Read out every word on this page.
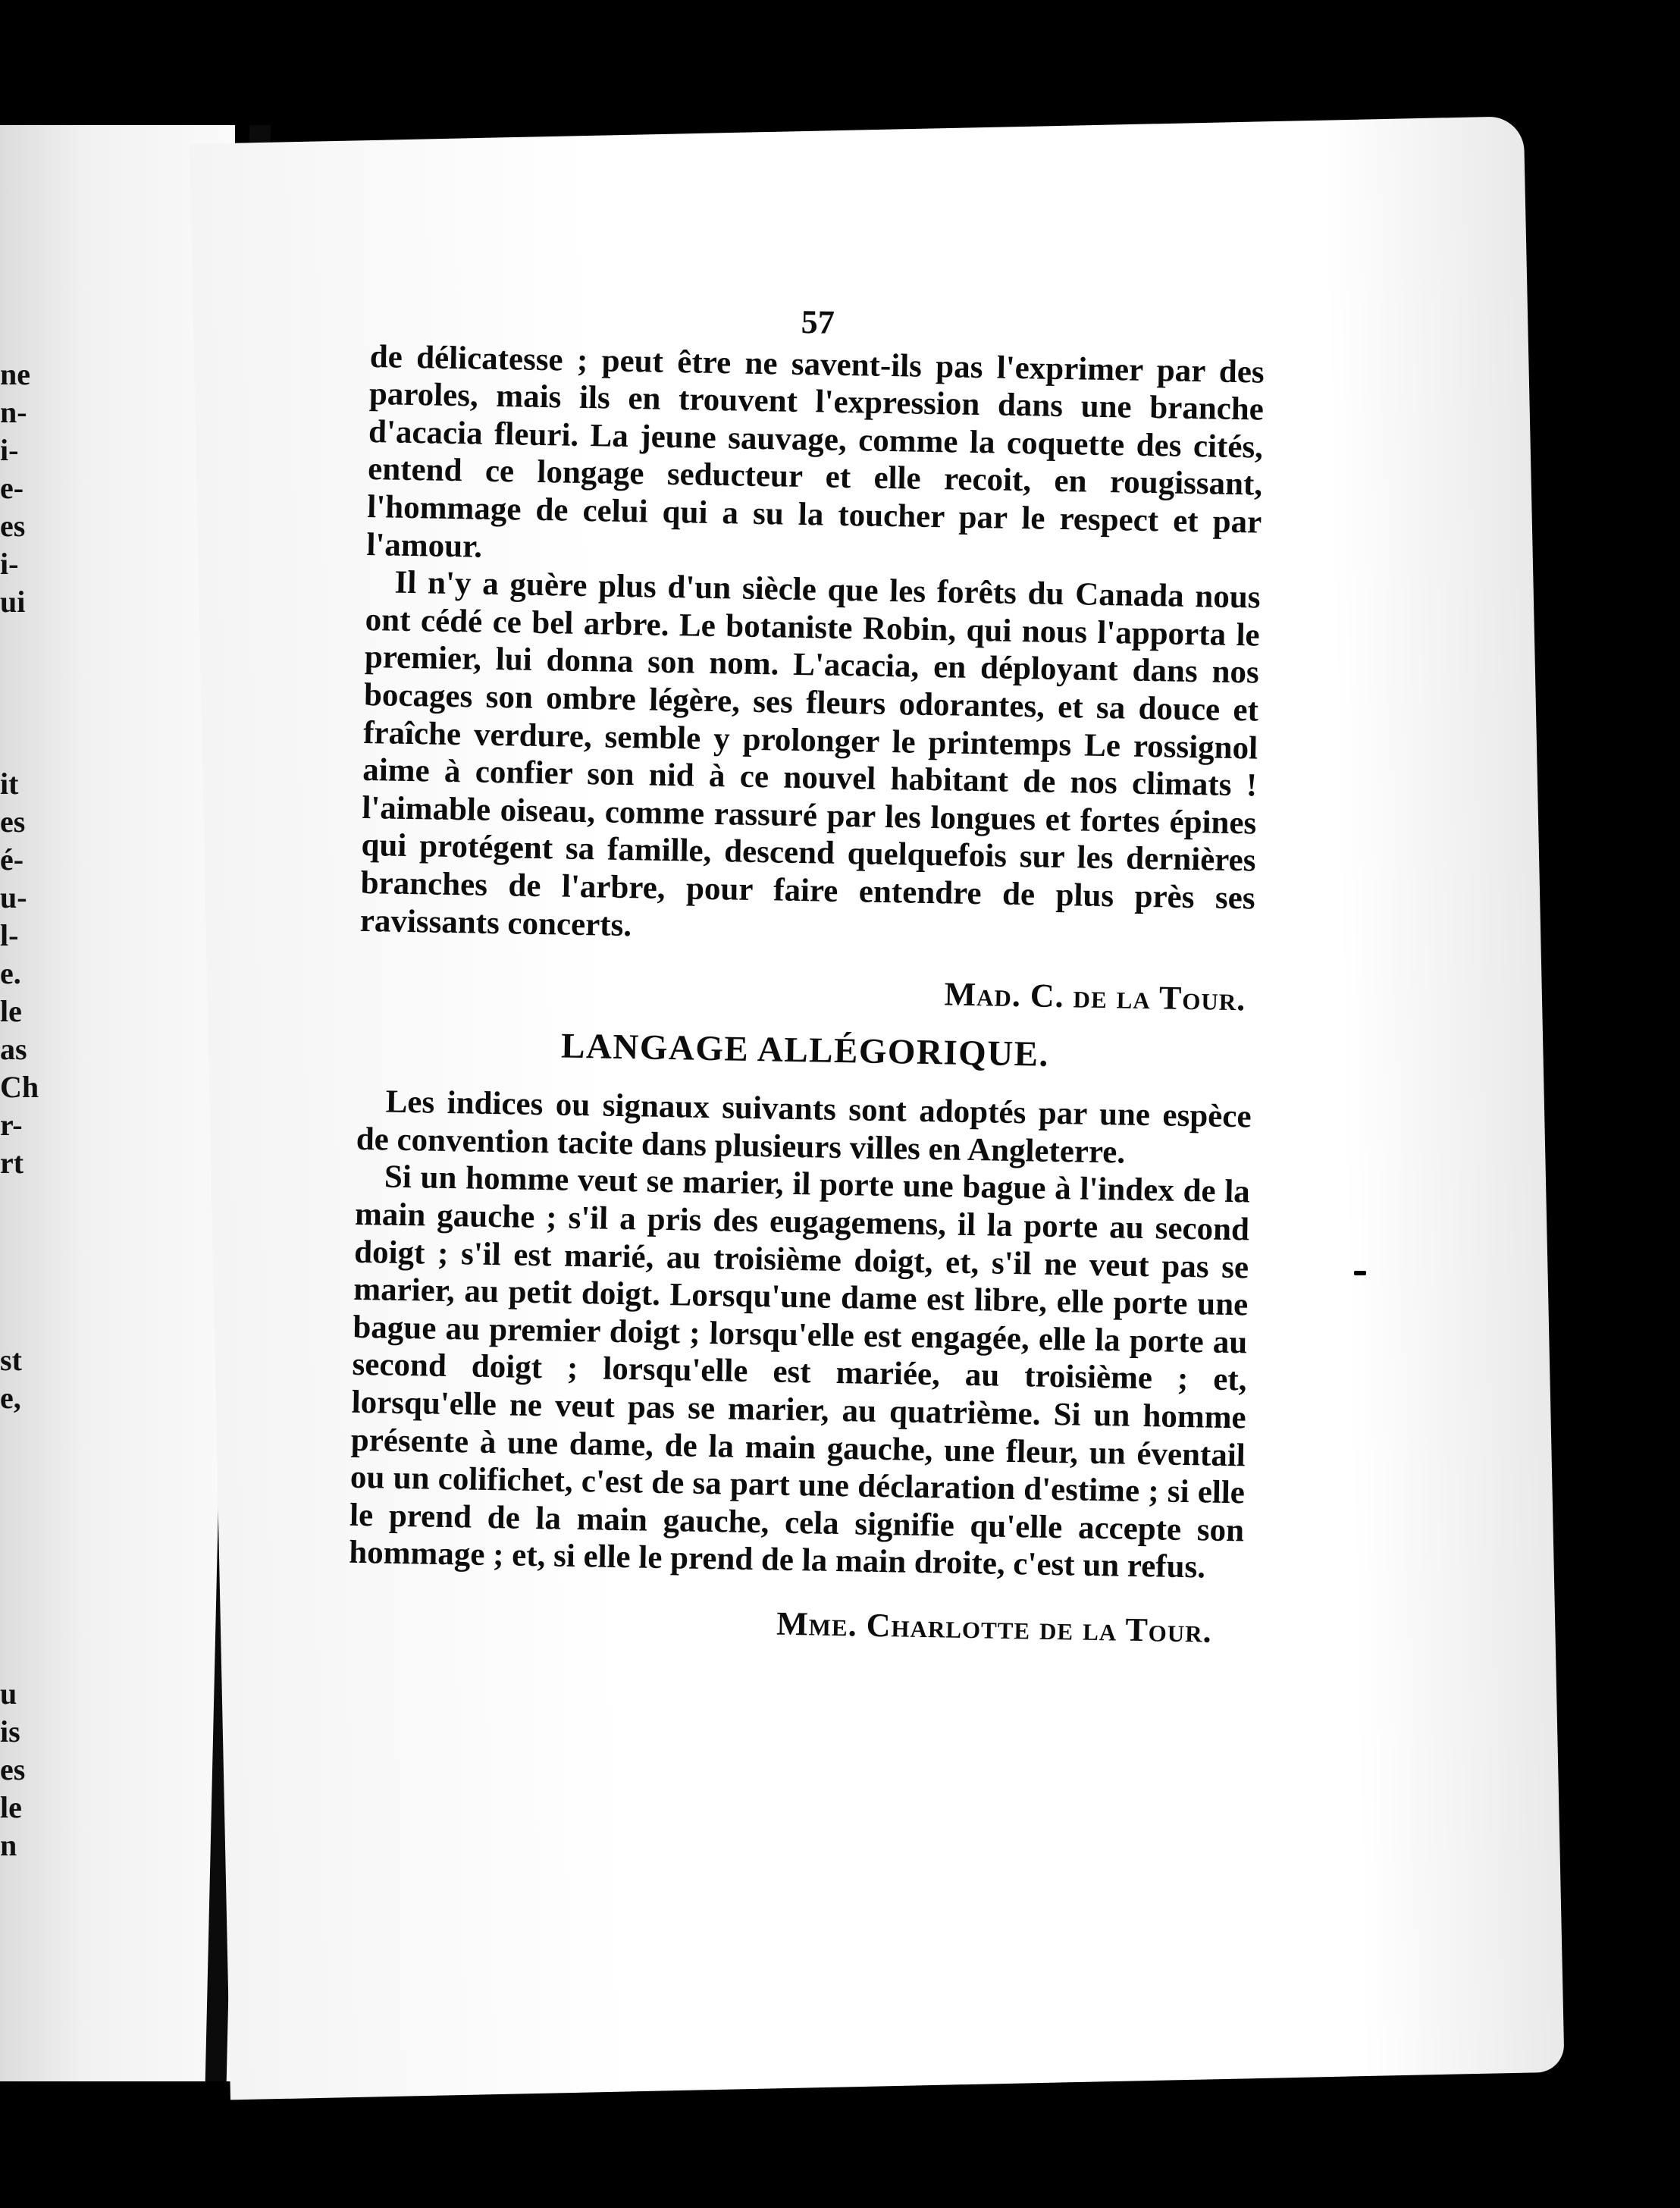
ne
n-
i-
e-
es
i-
ui
it
es
é-
u-
l-
e.
le
as
Ch
r-
rt
st
e,
u
is
es
le
n
57

de délicatesse ; peut être ne savent-ils pas l'exprimer par des paroles, mais ils en trouvent l'expression dans une branche d'acacia fleuri. La jeune sauvage, comme la coquette des cités, entend ce longage seducteur et elle recoit, en rougissant, l'hommage de celui qui a su la toucher par le respect et par l'amour.

Il n'y a guère plus d'un siècle que les forêts du Canada nous ont cédé ce bel arbre. Le botaniste Robin, qui nous l'apporta le premier, lui donna son nom. L'acacia, en déployant dans nos bocages son ombre légère, ses fleurs odorantes, et sa douce et fraîche verdure, semble y prolonger le printemps Le rossignol aime à confier son nid à ce nouvel habitant de nos climats ! l'aimable oiseau, comme rassuré par les longues et fortes épines qui protégent sa famille, descend quelquefois sur les dernières branches de l'arbre, pour faire entendre de plus près ses ravissants concerts.

Mad. C. de la Tour.
LANGAGE ALLÉGORIQUE.

Les indices ou signaux suivants sont adoptés par une espèce de convention tacite dans plusieurs villes en Angleterre.

Si un homme veut se marier, il porte une bague à l'index de la main gauche ; s'il a pris des eugagemens, il la porte au second doigt ; s'il est marié, au troisième doigt, et, s'il ne veut pas se marier, au petit doigt. Lorsqu'une dame est libre, elle porte une bague au premier doigt ; lorsqu'elle est engagée, elle la porte au second doigt ; lorsqu'elle est mariée, au troisième ; et, lorsqu'elle ne veut pas se marier, au quatrième. Si un homme présente à une dame, de la main gauche, une fleur, un éventail ou un colifichet, c'est de sa part une déclaration d'estime ; si elle le prend de la main gauche, cela signifie qu'elle accepte son hommage ; et, si elle le prend de la main droite, c'est un refus.

Mme. Charlotte de la Tour.
